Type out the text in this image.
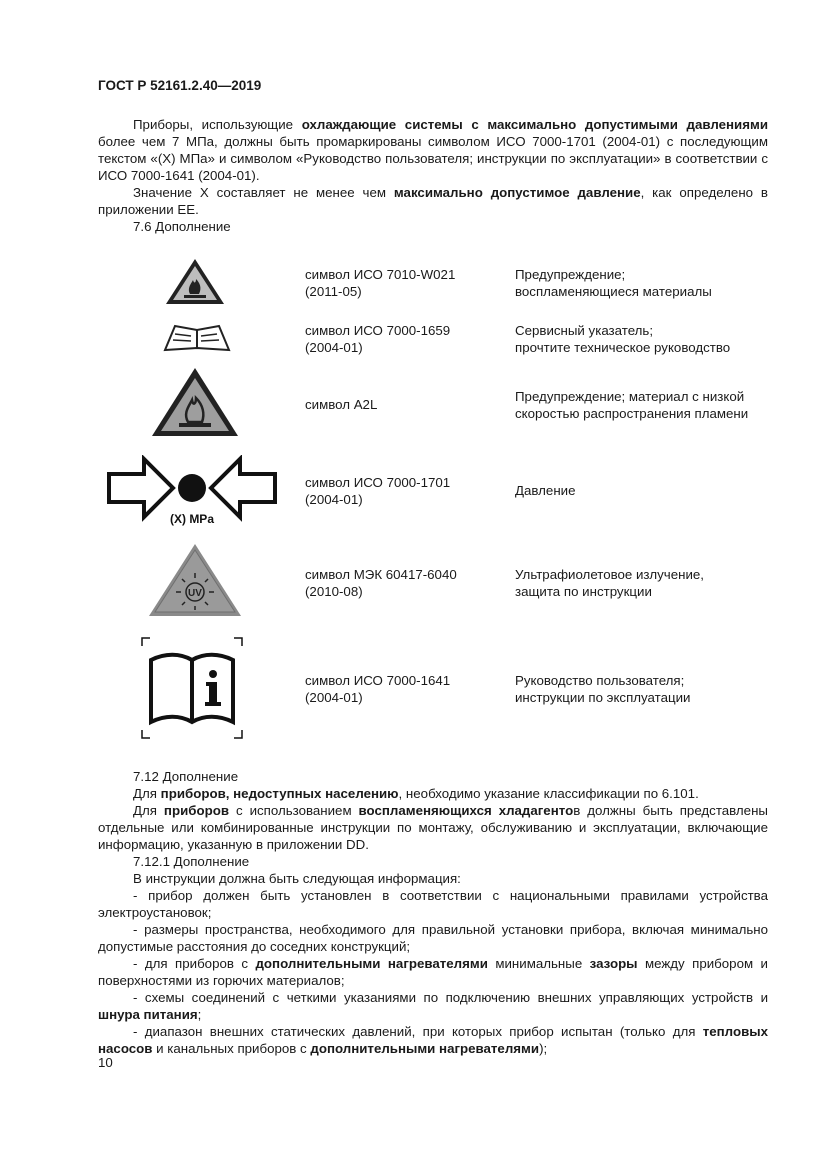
ГОСТ Р 52161.2.40—2019

Приборы, использующие охлаждающие системы с максимально допустимыми давлениями более чем 7 МПа, должны быть промаркированы символом ИСО 7000-1701 (2004-01) с последующим текстом «(X) МПа» и символом «Руководство пользователя; инструкции по эксплуатации» в соответствии с ИСО 7000-1641 (2004-01).

Значение X составляет не менее чем максимально допустимое давление, как определено в приложении ЕЕ.

7.6 Дополнение

символ ИСО 7010-W021
(2011-05)
Предупреждение;
воспламеняющиеся материалы
символ ИСО 7000-1659
(2004-01)
Сервисный указатель;
прочтите техническое руководство
символ A2L
Предупреждение; материал с низкой
скоростью распространения пламени
(X) MPa
символ ИСО 7000-1701
(2004-01)
Давление
UV
символ МЭК 60417-6040
(2010-08)
Ультрафиолетовое излучение,
защита по инструкции
символ ИСО 7000-1641
(2004-01)
Руководство пользователя;
инструкции по эксплуатации

7.12 Дополнение

Для приборов, недоступных населению, необходимо указание классификации по 6.101.

Для приборов с использованием воспламеняющихся хладагентов должны быть представлены отдельные или комбинированные инструкции по монтажу, обслуживанию и эксплуатации, включающие информацию, указанную в приложении DD.

7.12.1 Дополнение

В инструкции должна быть следующая информация:

- прибор должен быть установлен в соответствии с национальными правилами устройства электроустановок;

- размеры пространства, необходимого для правильной установки прибора, включая минимально допустимые расстояния до соседних конструкций;

- для приборов с дополнительными нагревателями минимальные зазоры между прибором и поверхностями из горючих материалов;

- схемы соединений с четкими указаниями по подключению внешних управляющих устройств и шнура питания;

- диапазон внешних статических давлений, при которых прибор испытан (только для тепловых насосов и канальных приборов с дополнительными нагревателями);

10
